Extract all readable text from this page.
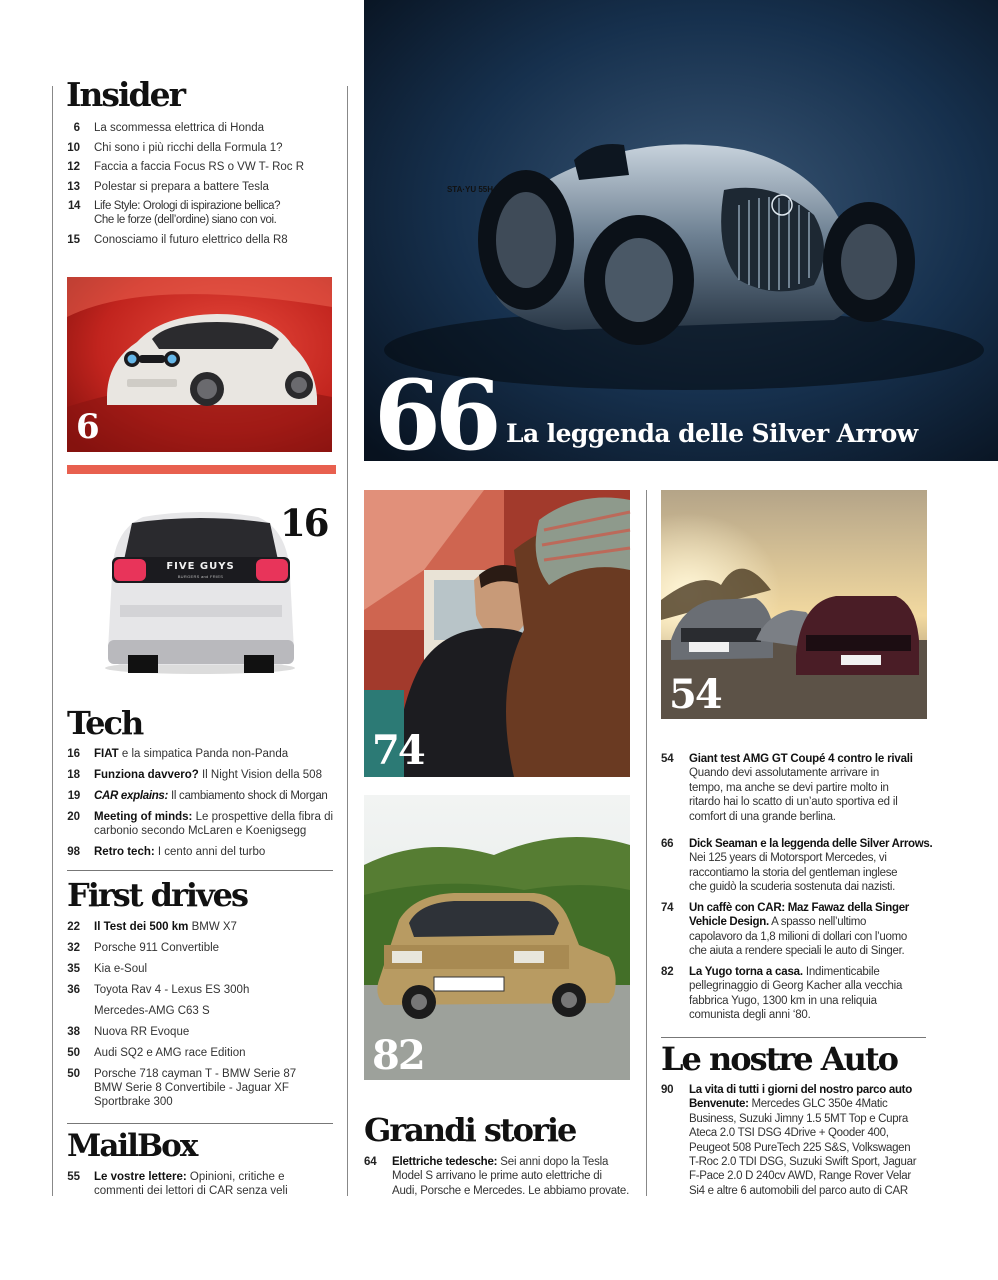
Insider
6	La scommessa elettrica di Honda
10	Chi sono i più ricchi della Formula 1?
12	Faccia a faccia Focus RS o VW T- Roc R
13	Polestar si prepara a battere Tesla
14	Life Style: Orologi di ispirazione bellica?
Che le forze (dell’ordine) siano con voi.
15	Conosciamo il futuro elettrico della R8
6
FIVE GUYS
BURGERS and FRIES
16
Tech
16	FIAT e la simpatica Panda non-Panda
18	Funziona davvero? Il Night Vision della 508
19	CAR explains: Il cambiamento shock di Morgan
20	Meeting of minds: Le prospettive della fibra di
carbonio secondo McLaren e Koenigsegg
98	Retro tech: I cento anni del turbo
First drives
22	Il Test dei 500 km BMW X7
32	Porsche 911 Convertible
35	Kia e-Soul
36	Toyota Rav 4 - Lexus ES 300h
Mercedes-AMG C63 S
38	Nuova RR Evoque
50	Audi SQ2 e AMG race Edition
50	Porsche 718 cayman T - BMW Serie 87
BMW Serie 8 Convertibile - Jaguar XF
Sportbrake 300
MailBox
55	Le vostre lettere: Opinioni, critiche e
commenti dei lettori di CAR senza veli
66 La leggenda delle Silver Arrow
74
STA·YU 55H
82
Grandi storie
64	Elettriche tedesche: Sei anni dopo la Tesla
Model S arrivano le prime auto elettriche di
Audi, Porsche e Mercedes. Le abbiamo provate.
54
54	Giant test AMG GT Coupé 4 contro le rivali
Quando devi assolutamente arrivare in
tempo, ma anche se devi partire molto in
ritardo hai lo scatto di un’auto sportiva ed il
comfort di una grande berlina.
66	Dick Seaman e la leggenda delle Silver Arrows.
Nei 125 years di Motorsport Mercedes, vi
raccontiamo la storia del gentleman inglese
che guidò la scuderia sostenuta dai nazisti.
74	Un caffè con CAR: Maz Fawaz della Singer
Vehicle Design. A spasso nell’ultimo
capolavoro da 1,8 milioni di dollari con l’uomo
che aiuta a rendere speciali le auto di Singer.
82	La Yugo torna a casa. Indimenticabile
pellegrinaggio di Georg Kacher alla vecchia
fabbrica Yugo, 1300 km in una reliquia
comunista degli anni ‘80.
Le nostre Auto
90	La vita di tutti i giorni del nostro parco auto
Benvenute: Mercedes GLC 350e 4Matic
Business, Suzuki Jimny 1.5 5MT Top e Cupra
Ateca 2.0 TSI DSG 4Drive + Qooder 400,
Peugeot 508 PureTech 225 S&S, Volkswagen
T-Roc 2.0 TDI DSG, Suzuki Swift Sport, Jaguar
F-Pace 2.0 D 240cv AWD, Range Rover Velar
Si4 e altre 6 automobili del parco auto di CAR
